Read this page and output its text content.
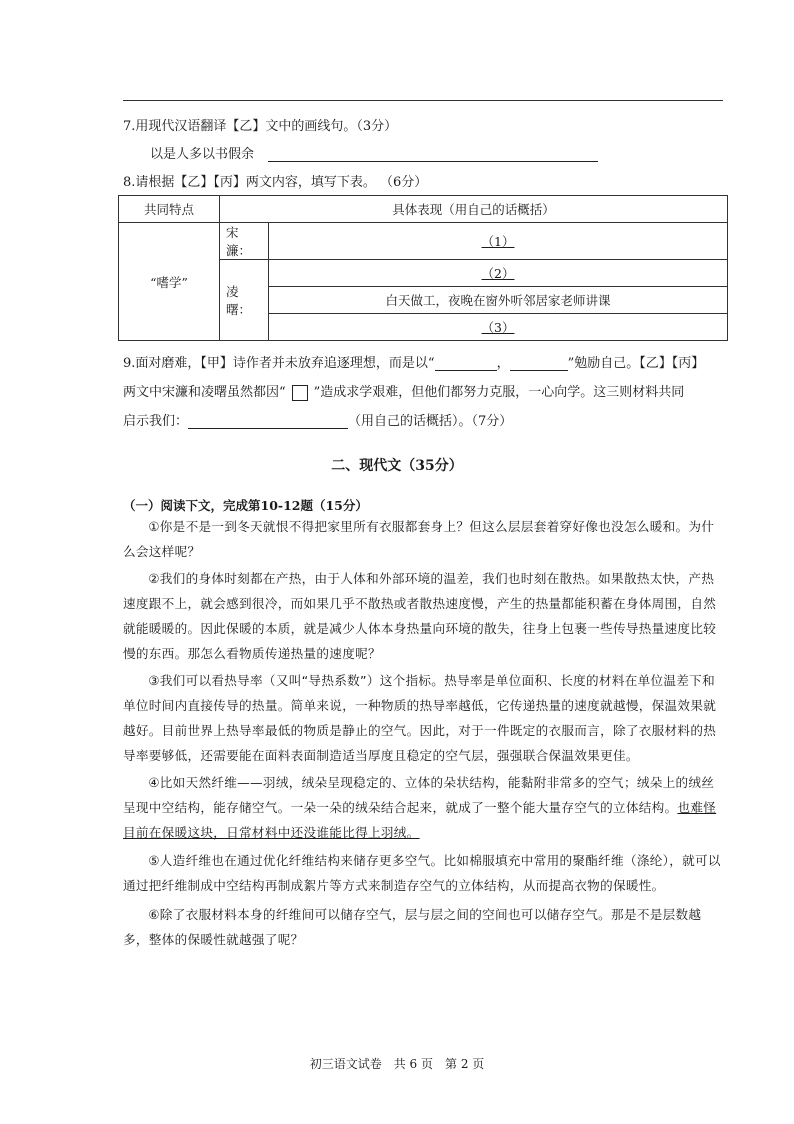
7.用现代汉语翻译【乙】文中的画线句。（3分）
以是人多以书假余
8.请根据【乙】【丙】两文内容，填写下表。 （6分）
共同特点	具体表现（用自己的话概括）	
“嗜学”	宋濂：	（1）
	凌曙：	（2）
		白天做工，夜晚在窗外听邻居家老师讲课
		（3）
9.面对磨难，【甲】诗作者并未放弃追逐理想，而是以“	，	”勉励自己。【乙】【丙】
两文中宋濂和凌曙虽然都因“ ”造成求学艰难，但他们都努力克服，一心向学。这三则材料共同
启示我们：	（用自己的话概括）。（7分）
二、现代文（35分）
（一）阅读下文，完成第10-12题（15分）
①你是不是一到冬天就恨不得把家里所有衣服都套身上？但这么层层套着穿好像也没怎么暖和。为什么会这样呢？
②我们的身体时刻都在产热，由于人体和外部环境的温差，我们也时刻在散热。如果散热太快，产热速度跟不上，就会感到很冷，而如果几乎不散热或者散热速度慢，产生的热量都能积蓄在身体周围，自然就能暖暖的。因此保暖的本质，就是减少人体本身热量向环境的散失，往身上包裹一些传导热量速度比较慢的东西。那怎么看物质传递热量的速度呢？
③我们可以看热导率（又叫“导热系数”）这个指标。热导率是单位面积、长度的材料在单位温差下和单位时间内直接传导的热量。简单来说，一种物质的热导率越低，它传递热量的速度就越慢，保温效果就越好。目前世界上热导率最低的物质是静止的空气。因此，对于一件既定的衣服而言，除了衣服材料的热导率要够低，还需要能在面料表面制造适当厚度且稳定的空气层，强强联合保温效果更佳。
④比如天然纤维——羽绒，绒朵呈现稳定的、立体的朵状结构，能黏附非常多的空气；绒朵上的绒丝呈现中空结构，能存储空气。一朵一朵的绒朵结合起来，就成了一整个能大量存空气的立体结构。也难怪目前在保暖这块，日常材料中还没谁能比得上羽绒。
⑤人造纤维也在通过优化纤维结构来储存更多空气。比如棉服填充中常用的聚酯纤维（涤纶），就可以通过把纤维制成中空结构再制成絮片等方式来制造存空气的立体结构，从而提高衣物的保暖性。
⑥除了衣服材料本身的纤维间可以储存空气，层与层之间的空间也可以储存空气。那是不是层数越多，整体的保暖性就越强了呢？
初三语文试卷　共 6 页　第 2 页
